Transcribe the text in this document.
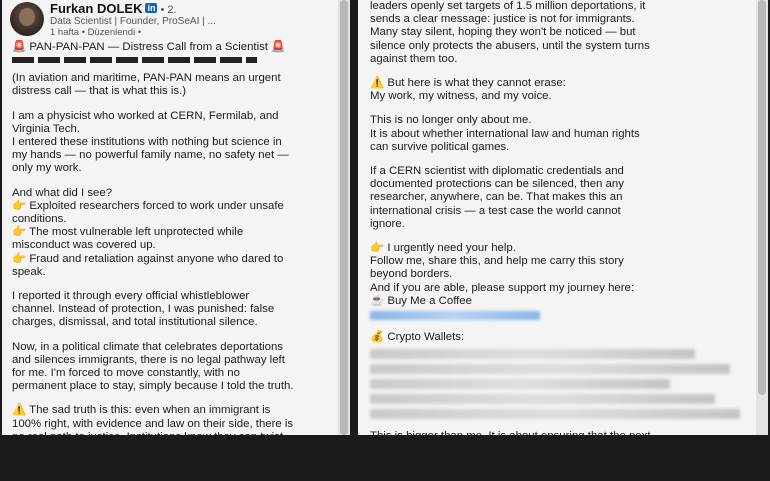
Furkan DOLEK in • 2.
Data Scientist | Founder, ProSeAI | ...
1 hafta • Düzenlendi •
🚨 PAN-PAN-PAN — Distress Call from a Scientist 🚨

(In aviation and maritime, PAN-PAN means an urgent
distress call — that is what this is.)

I am a physicist who worked at CERN, Fermilab, and
Virginia Tech.
I entered these institutions with nothing but science in
my hands — no powerful family name, no safety net —
only my work.

And what did I see?
👉 Exploited researchers forced to work under unsafe
conditions.
👉 The most vulnerable left unprotected while
misconduct was covered up.
👉 Fraud and retaliation against anyone who dared to
speak.

I reported it through every official whistleblower
channel. Instead of protection, I was punished: false
charges, dismissal, and total institutional silence.

Now, in a political climate that celebrates deportations
and silences immigrants, there is no legal pathway left
for me. I'm forced to move constantly, with no
permanent place to stay, simply because I told the truth.

⚠️ The sad truth is this: even when an immigrant is
100% right, with evidence and law on their side, there is
no real path to justice. Institutions know they can twist
the rules and escape accountability.

leaders openly set targets of 1.5 million deportations, it
sends a clear message: justice is not for immigrants.
Many stay silent, hoping they won't be noticed — but
silence only protects the abusers, until the system turns
against them too.

⚠️ But here is what they cannot erase:
My work, my witness, and my voice.

This is no longer only about me.
It is about whether international law and human rights
can survive political games.

If a CERN scientist with diplomatic credentials and
documented protections can be silenced, then any
researcher, anywhere, can be. That makes this an
international crisis — a test case the world cannot
ignore.

👉 I urgently need your help.
Follow me, share this, and help me carry this story
beyond borders.
And if you are able, please support my journey here:
☕ Buy Me a Coffee

💰 Crypto Wallets:

This is bigger than me. It is about ensuring that the next
scientist — the one who comes from nothing but talent
and hard work — is not destroyed for speaking the truth.
